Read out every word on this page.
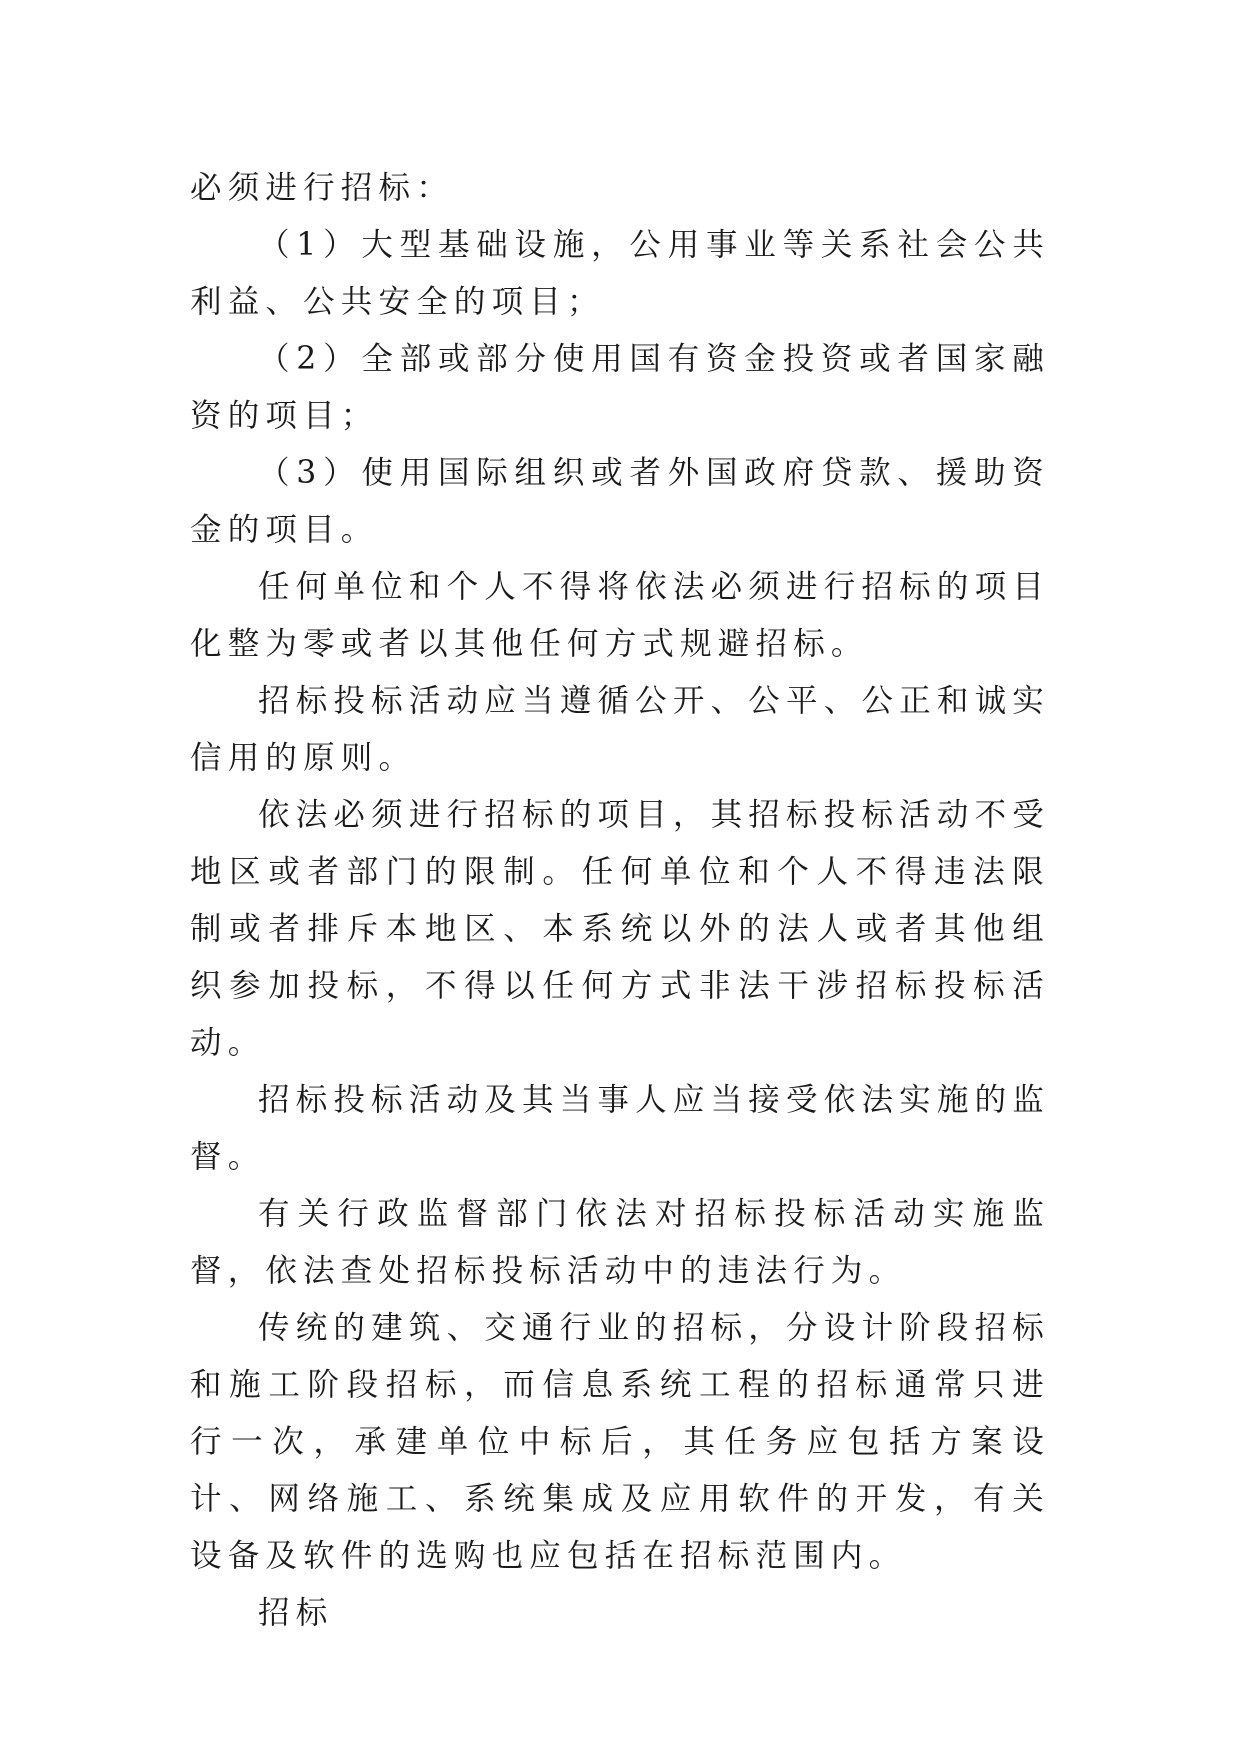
必须进行招标：

（1）大型基础设施，公用事业等关系社会公共利益、公共安全的项目；

（2）全部或部分使用国有资金投资或者国家融资的项目；

（3）使用国际组织或者外国政府贷款、援助资金的项目。

任何单位和个人不得将依法必须进行招标的项目化整为零或者以其他任何方式规避招标。

招标投标活动应当遵循公开、公平、公正和诚实信用的原则。

依法必须进行招标的项目，其招标投标活动不受地区或者部门的限制。任何单位和个人不得违法限制或者排斥本地区、本系统以外的法人或者其他组织参加投标，不得以任何方式非法干涉招标投标活动。

招标投标活动及其当事人应当接受依法实施的监督。

有关行政监督部门依法对招标投标活动实施监督，依法查处招标投标活动中的违法行为。

传统的建筑、交通行业的招标，分设计阶段招标和施工阶段招标，而信息系统工程的招标通常只进行一次，承建单位中标后，其任务应包括方案设计、网络施工、系统集成及应用软件的开发，有关设备及软件的选购也应包括在招标范围内。

招标
